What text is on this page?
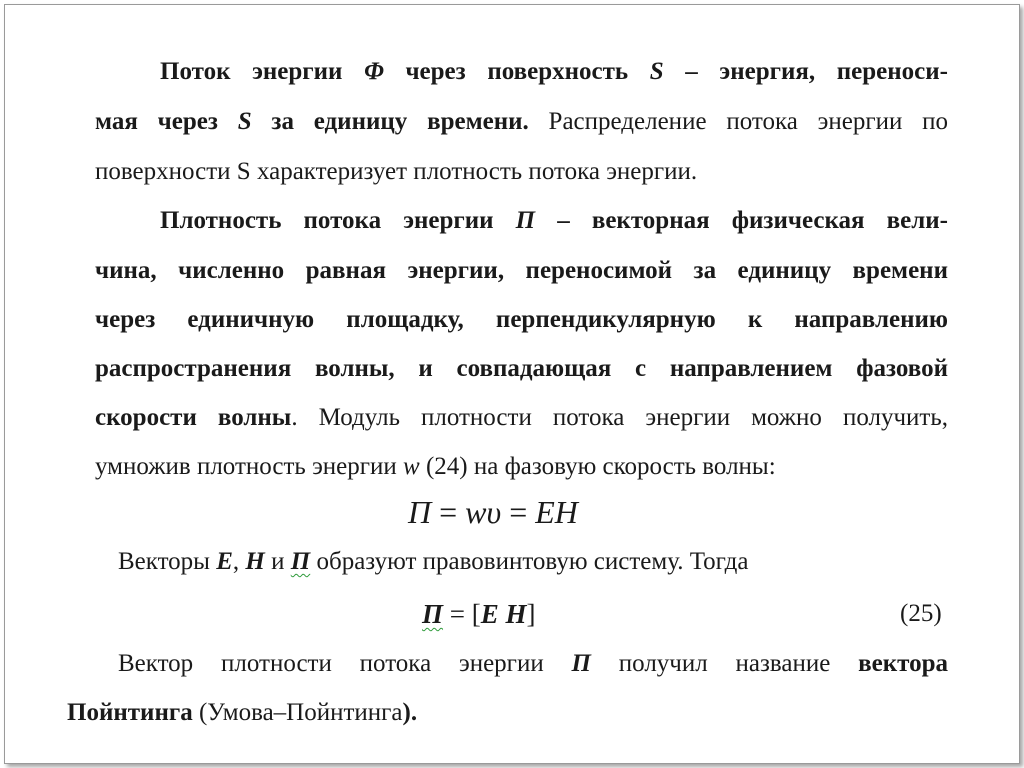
Поток энергии Φ через поверхность S – энергия, переноси-
мая через S за единицу времени. Распределение потока энергии по
поверхности S характеризует плотность потока энергии.
Плотность потока энергии П – векторная физическая вели-
чина, численно равная энергии, переносимой за единицу времени
через единичную площадку, перпендикулярную к направлению
распространения волны, и совпадающая с направлением фазовой
скорости волны. Модуль плотности потока энергии можно получить,
умножив плотность энергии w (24) на фазовую скорость волны:
П = wυ = EH
Векторы E, H и П образуют правовинтовую систему. Тогда
П = [E H]	(25)
Вектор плотности потока энергии П получил название вектора
Пойнтинга (Умова–Пойнтинга).
